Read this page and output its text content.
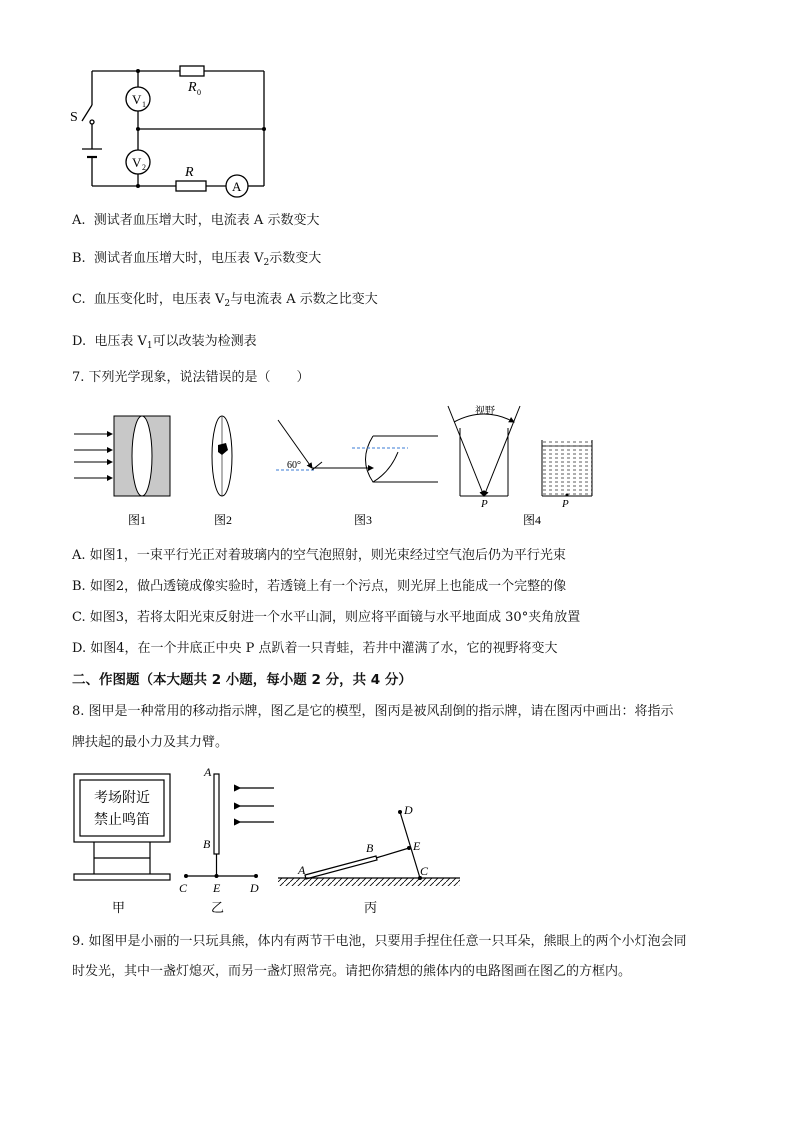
S
V 1
V 2
R 0
R
A
A. 测试者血压增大时，电流表 A 示数变大
B. 测试者血压增大时，电压表 $V_2$示数变大
C. 血压变化时，电压表 $V_2$与电流表 A 示数之比变大
D. 电压表 $V_1$可以改装为检测表
7. 下列光学现象，说法错误的是（　　）
图1	图2
60°
图3
视野
P	P
图4
A. 如图1，一束平行光正对着玻璃内的空气泡照射，则光束经过空气泡后仍为平行光束
B. 如图2，做凸透镜成像实验时，若透镜上有一个污点，则光屏上也能成一个完整的像
C. 如图3，若将太阳光束反射进一个水平山洞，则应将平面镜与水平地面成 30°夹角放置
D. 如图4，在一个井底正中央 P 点趴着一只青蛙，若井中灌满了水，它的视野将变大
二、作图题（本大题共 2 小题，每小题 2 分，共 4 分）
8. 图甲是一种常用的移动指示牌，图乙是它的模型，图丙是被风刮倒的指示牌，请在图丙中画出：将指示
牌扶起的最小力及其力臂。
考场附近
禁止鸣笛
甲
A
B
C E D
乙
A
B	E
D
C
丙
9. 如图甲是小丽的一只玩具熊，体内有两节干电池，只要用手捏住任意一只耳朵，熊眼上的两个小灯泡会同
时发光，其中一盏灯熄灭，而另一盏灯照常亮。请把你猜想的熊体内的电路图画在图乙的方框内。
